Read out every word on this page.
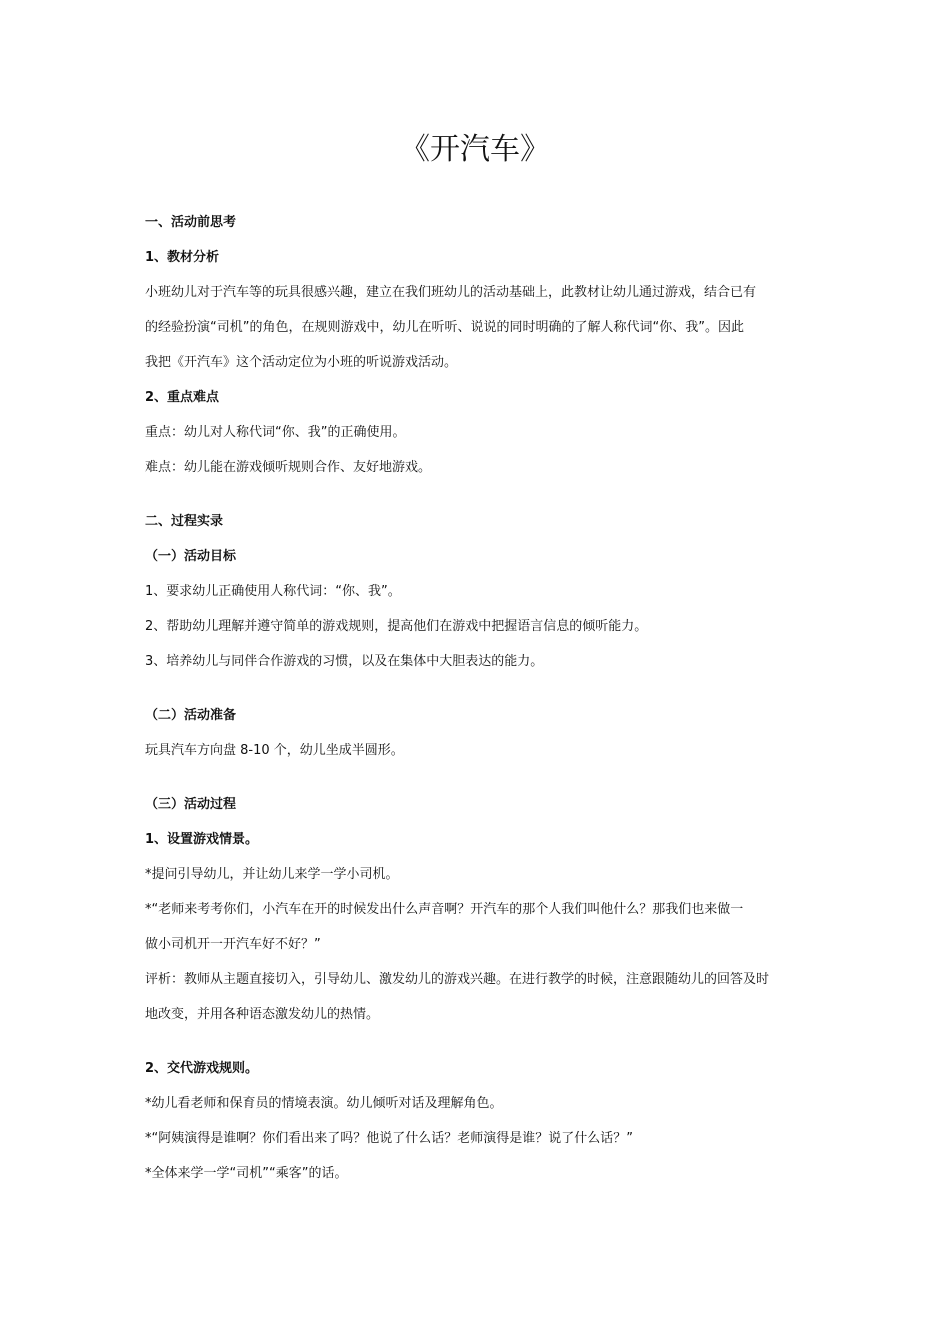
《开汽车》
一、活动前思考
1、教材分析
小班幼儿对于汽车等的玩具很感兴趣，建立在我们班幼儿的活动基础上，此教材让幼儿通过游戏，结合已有
的经验扮演“司机”的角色，在规则游戏中，幼儿在听听、说说的同时明确的了解人称代词“你、我”。因此
我把《开汽车》这个活动定位为小班的听说游戏活动。
2、重点难点
重点：幼儿对人称代词“你、我”的正确使用。
难点：幼儿能在游戏倾听规则合作、友好地游戏。
二、过程实录
（一）活动目标
1、要求幼儿正确使用人称代词：“你、我”。
2、帮助幼儿理解并遵守简单的游戏规则，提高他们在游戏中把握语言信息的倾听能力。
3、培养幼儿与同伴合作游戏的习惯，以及在集体中大胆表达的能力。
（二）活动准备
玩具汽车方向盘 8-10 个，幼儿坐成半圆形。
（三）活动过程
1、设置游戏情景。
*提问引导幼儿，并让幼儿来学一学小司机。
*“老师来考考你们，小汽车在开的时候发出什么声音啊？开汽车的那个人我们叫他什么？那我们也来做一
做小司机开一开汽车好不好？”
评析：教师从主题直接切入，引导幼儿、激发幼儿的游戏兴趣。在进行教学的时候，注意跟随幼儿的回答及时
地改变，并用各种语态激发幼儿的热情。
2、交代游戏规则。
*幼儿看老师和保育员的情境表演。幼儿倾听对话及理解角色。
*“阿姨演得是谁啊？你们看出来了吗？他说了什么话？老师演得是谁？说了什么话？”
*全体来学一学“司机”“乘客”的话。
